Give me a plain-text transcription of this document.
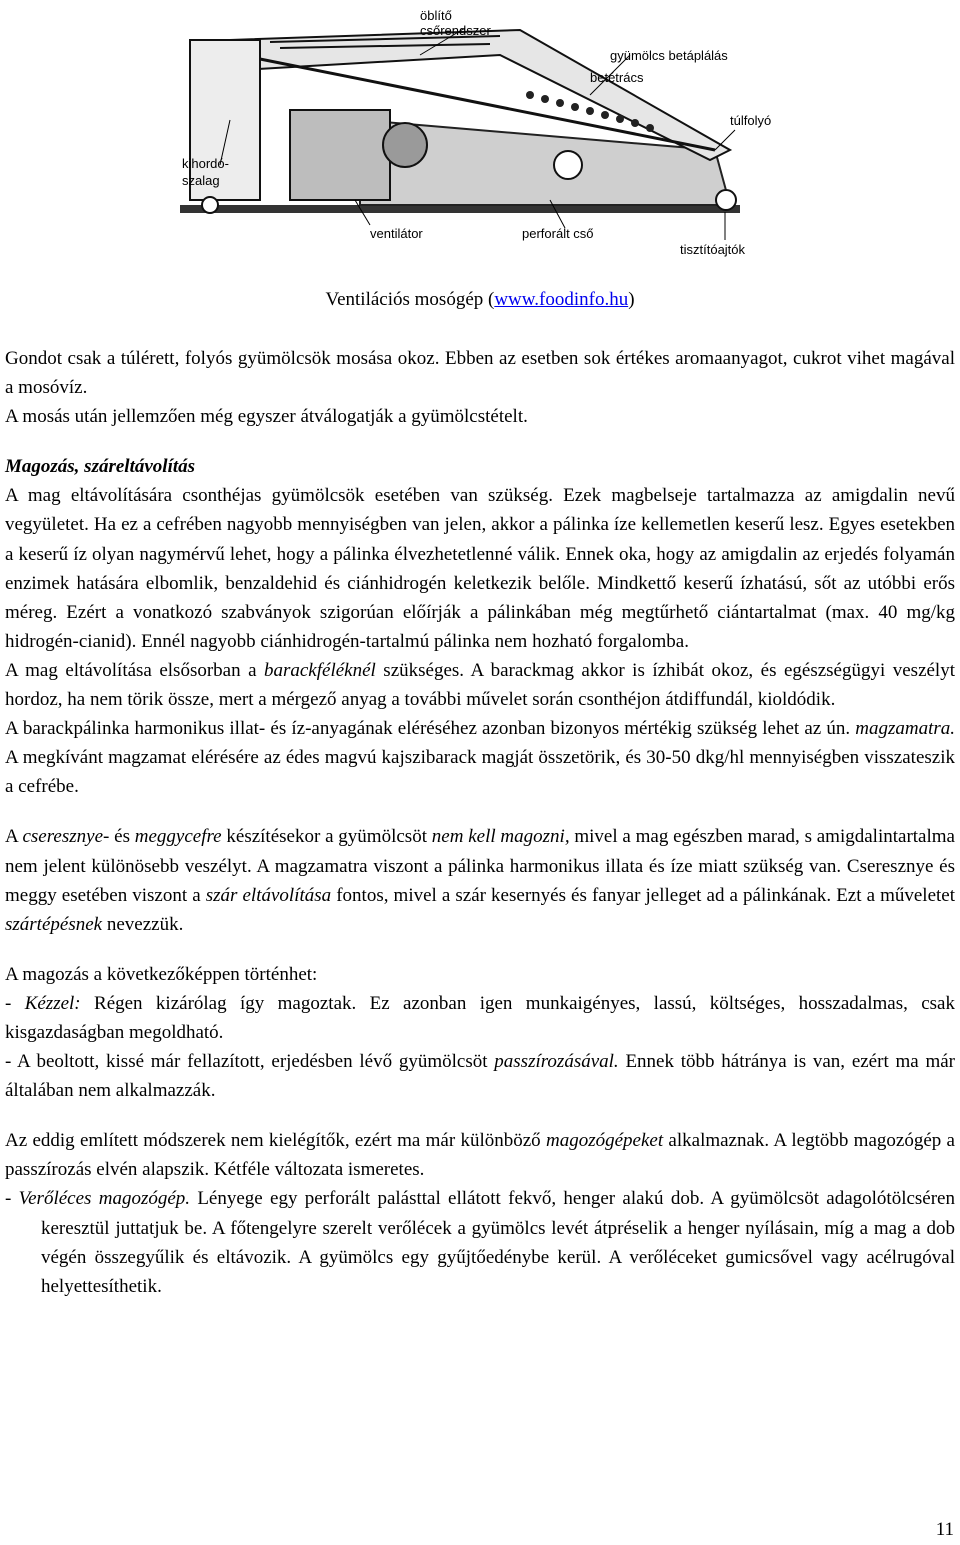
öblítő
csőrendszer
gyümölcs betáplálás
betétrács
túlfolyó
kihordó-
szalag
ventilátor	perforált cső
tisztítóajtók
Ventilációs mosógép (www.foodinfo.hu)

Gondot csak a túlérett, folyós gyümölcsök mosása okoz. Ebben az esetben sok értékes aromaanyagot, cukrot vihet magával a mosóvíz.

A mosás után jellemzően még egyszer átválogatják a gyümölcstételt.

Magozás, száreltávolítás

A mag eltávolítására csonthéjas gyümölcsök esetében van szükség. Ezek magbelseje tartalmazza az amigdalin nevű vegyületet. Ha ez a cefrében nagyobb mennyiségben van jelen, akkor a pálinka íze kellemetlen keserű lesz. Egyes esetekben a keserű íz olyan nagymérvű lehet, hogy a pálinka élvezhetetlenné válik. Ennek oka, hogy az amigdalin az erjedés folyamán enzimek hatására elbomlik, benzaldehid és ciánhidrogén keletkezik belőle. Mindkettő keserű ízhatású, sőt az utóbbi erős méreg. Ezért a vonatkozó szabványok szigorúan előírják a pálinkában még megtűrhető ciántartalmat (max. 40 mg/kg hidrogén-cianid). Ennél nagyobb ciánhidrogén-tartalmú pálinka nem hozható forgalomba.

A mag eltávolítása elsősorban a barackféléknél szükséges. A barackmag akkor is ízhibát okoz, és egészségügyi veszélyt hordoz, ha nem törik össze, mert a mérgező anyag a további művelet során csonthéjon átdiffundál, kioldódik.

A barackpálinka harmonikus illat- és íz-anyagának eléréséhez azonban bizonyos mértékig szükség lehet az ún. magzamatra. A megkívánt magzamat elérésére az édes magvú kajszibarack magját összetörik, és 30-50 dkg/hl mennyiségben visszateszik a cefrébe.

A cseresznye- és meggycefre készítésekor a gyümölcsöt nem kell magozni, mivel a mag egészben marad, s amigdalintartalma nem jelent különösebb veszélyt. A magzamatra viszont a pálinka harmonikus illata és íze miatt szükség van. Cseresznye és meggy esetében viszont a szár eltávolítása fontos, mivel a szár kesernyés és fanyar jelleget ad a pálinkának. Ezt a műveletet szártépésnek nevezzük.

A magozás a következőképpen történhet:

- Kézzel: Régen kizárólag így magoztak. Ez azonban igen munkaigényes, lassú, költséges, hosszadalmas, csak kisgazdaságban megoldható.
- A beoltott, kissé már fellazított, erjedésben lévő gyümölcsöt passzírozásával. Ennek több hátránya is van, ezért ma már általában nem alkalmazzák.

Az eddig említett módszerek nem kielégítők, ezért ma már különböző magozógépeket alkalmaznak. A legtöbb magozógép a passzírozás elvén alapszik. Kétféle változata ismeretes.

- Verőléces magozógép. Lényege egy perforált palásttal ellátott fekvő, henger alakú dob. A gyümölcsöt adagolótölcséren keresztül juttatjuk be. A főtengelyre szerelt verőlécek a gyümölcs levét átpréselik a henger nyílásain, míg a mag a dob végén összegyűlik és eltávozik. A gyümölcs egy gyűjtőedénybe kerül. A verőléceket gumicsővel vagy acélrugóval helyettesíthetik.
11
